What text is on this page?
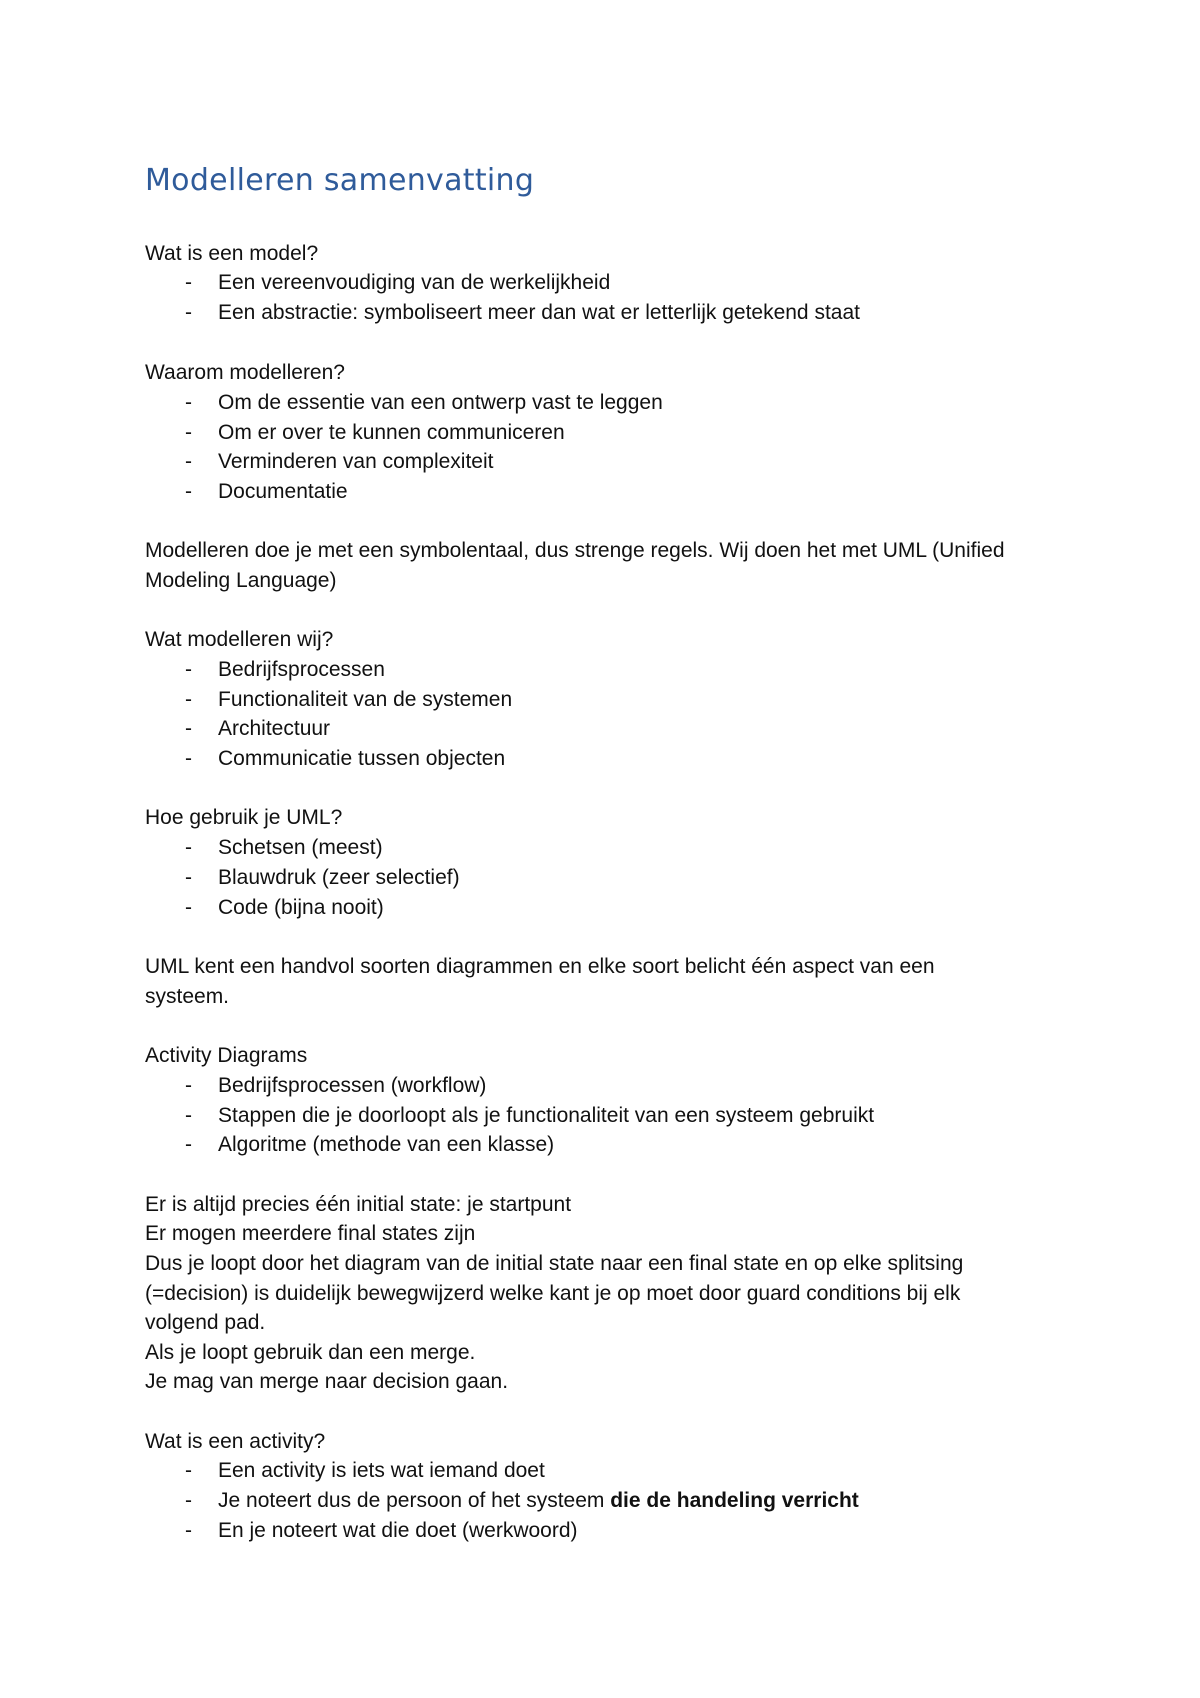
Modelleren samenvatting
Wat is een model?
- Een vereenvoudiging van de werkelijkheid
- Een abstractie: symboliseert meer dan wat er letterlijk getekend staat
Waarom modelleren?
- Om de essentie van een ontwerp vast te leggen
- Om er over te kunnen communiceren
- Verminderen van complexiteit
- Documentatie
Modelleren doe je met een symbolentaal, dus strenge regels. Wij doen het met UML (Unified
Modeling Language)
Wat modelleren wij?
- Bedrijfsprocessen
- Functionaliteit van de systemen
- Architectuur
- Communicatie tussen objecten
Hoe gebruik je UML?
- Schetsen (meest)
- Blauwdruk (zeer selectief)
- Code (bijna nooit)
UML kent een handvol soorten diagrammen en elke soort belicht één aspect van een
systeem.
Activity Diagrams
- Bedrijfsprocessen (workflow)
- Stappen die je doorloopt als je functionaliteit van een systeem gebruikt
- Algoritme (methode van een klasse)
Er is altijd precies één initial state: je startpunt
Er mogen meerdere final states zijn
Dus je loopt door het diagram van de initial state naar een final state en op elke splitsing
(=decision) is duidelijk bewegwijzerd welke kant je op moet door guard conditions bij elk
volgend pad.
Als je loopt gebruik dan een merge.
Je mag van merge naar decision gaan.
Wat is een activity?
- Een activity is iets wat iemand doet
- Je noteert dus de persoon of het systeem die de handeling verricht
- En je noteert wat die doet (werkwoord)
